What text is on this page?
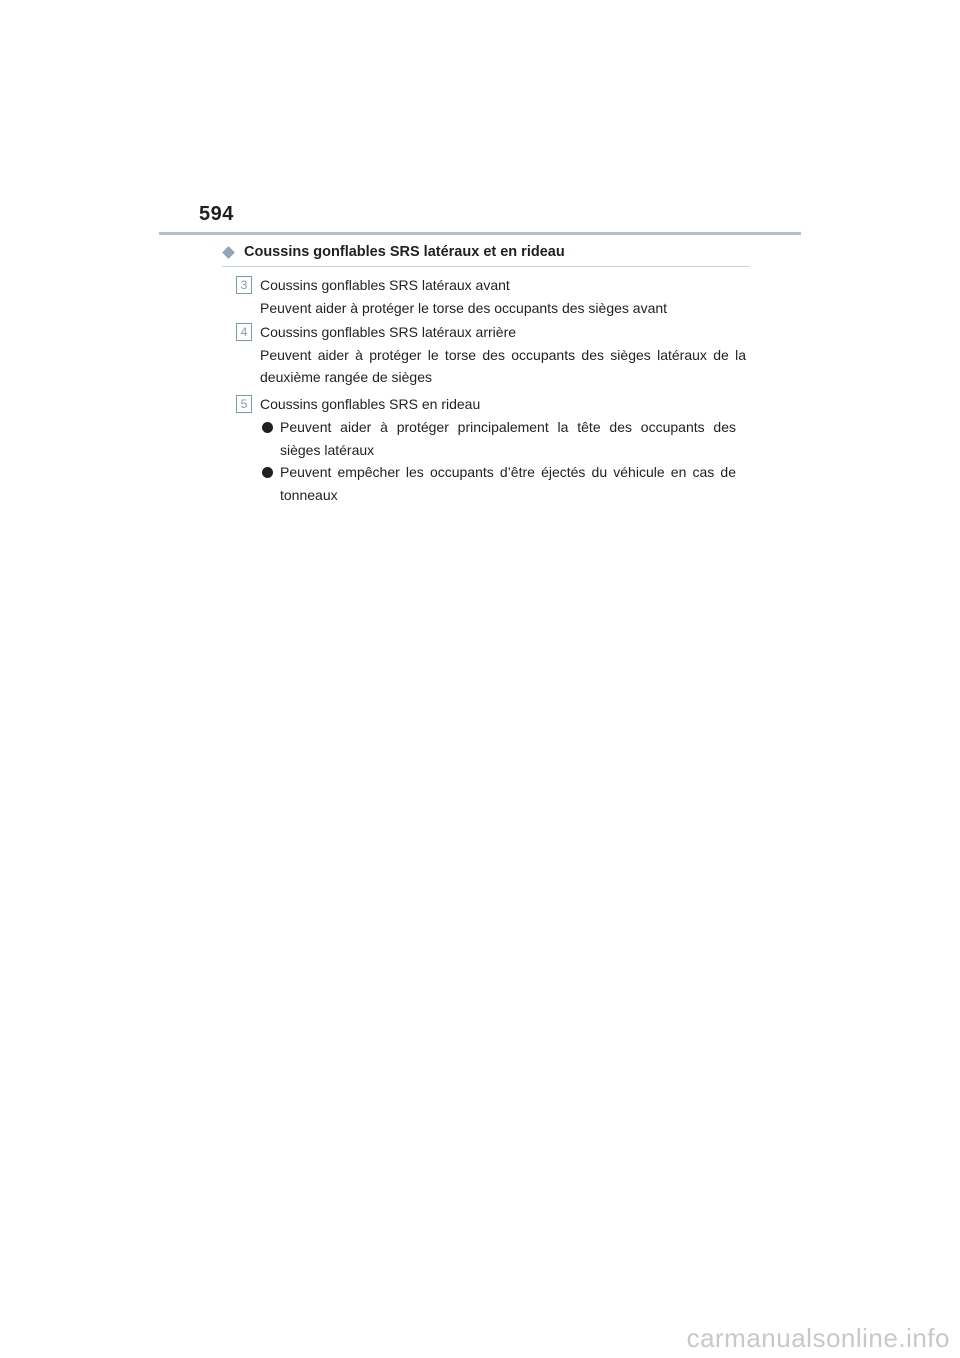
594
Coussins gonflables SRS latéraux et en rideau
3 Coussins gonflables SRS latéraux avant
Peuvent aider à protéger le torse des occupants des sièges avant
4 Coussins gonflables SRS latéraux arrière
Peuvent aider à protéger le torse des occupants des sièges latéraux de la deuxième rangée de sièges
5 Coussins gonflables SRS en rideau
Peuvent aider à protéger principalement la tête des occupants des sièges latéraux
Peuvent empêcher les occupants d’être éjectés du véhicule en cas de tonneaux
carmanualsonline.info
